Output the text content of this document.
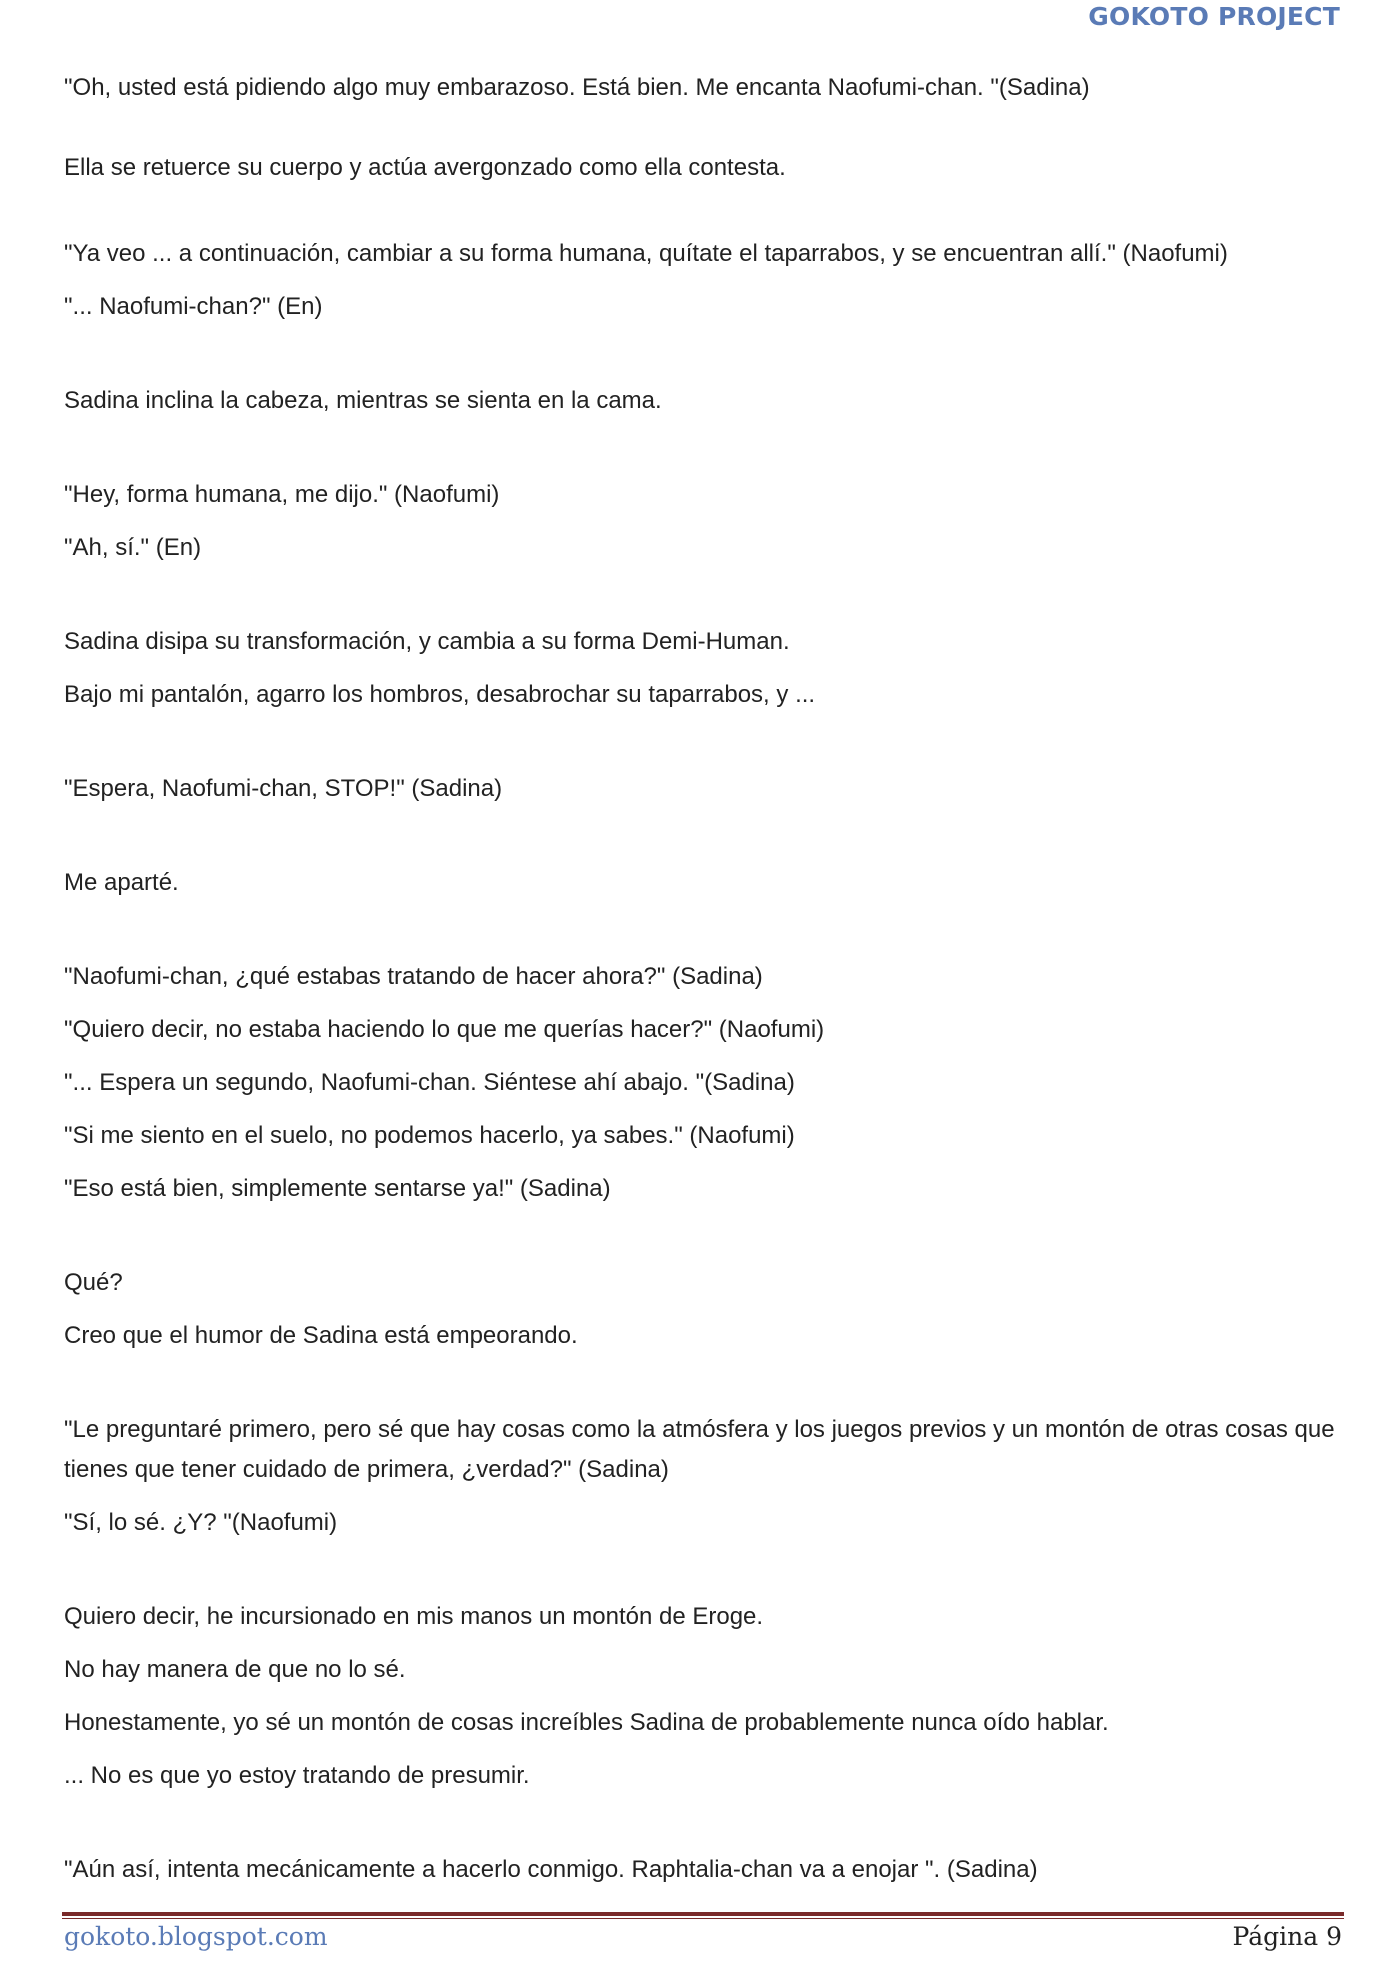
GOKOTO PROJECT

"Oh, usted está pidiendo algo muy embarazoso. Está bien. Me encanta Naofumi-chan. "(Sadina)

Ella se retuerce su cuerpo y actúa avergonzado como ella contesta.

"Ya veo ... a continuación, cambiar a su forma humana, quítate el taparrabos, y se encuentran allí." (Naofumi)

"... Naofumi-chan?" (En)

Sadina inclina la cabeza, mientras se sienta en la cama.

"Hey, forma humana, me dijo." (Naofumi)

"Ah, sí." (En)

Sadina disipa su transformación, y cambia a su forma Demi-Human.

Bajo mi pantalón, agarro los hombros, desabrochar su taparrabos, y ...

"Espera, Naofumi-chan, STOP!" (Sadina)

Me aparté.

"Naofumi-chan, ¿qué estabas tratando de hacer ahora?" (Sadina)

"Quiero decir, no estaba haciendo lo que me querías hacer?" (Naofumi)

"... Espera un segundo, Naofumi-chan. Siéntese ahí abajo. "(Sadina)

"Si me siento en el suelo, no podemos hacerlo, ya sabes." (Naofumi)

"Eso está bien, simplemente sentarse ya!" (Sadina)

Qué?

Creo que el humor de Sadina está empeorando.

"Le preguntaré primero, pero sé que hay cosas como la atmósfera y los juegos previos y un montón de otras cosas que tienes que tener cuidado de primera, ¿verdad?" (Sadina)

"Sí, lo sé. ¿Y? "(Naofumi)

Quiero decir, he incursionado en mis manos un montón de Eroge.

No hay manera de que no lo sé.

Honestamente, yo sé un montón de cosas increíbles Sadina de probablemente nunca oído hablar.

... No es que yo estoy tratando de presumir.

"Aún así, intenta mecánicamente a hacerlo conmigo. Raphtalia-chan va a enojar ". (Sadina)

gokoto.blogspot.com	Página 9
